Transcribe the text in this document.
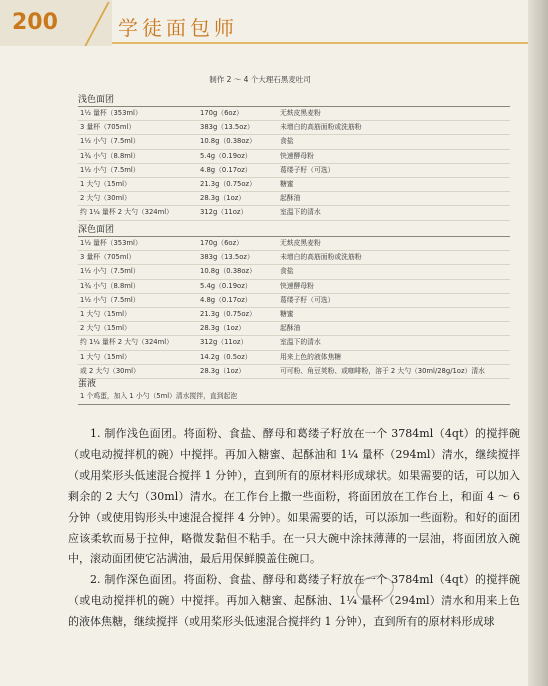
200	学徒面包师
制作 2 ～ 4 个大理石黑麦吐司
浅色面团
1½ 量杯（353ml）	170g（6oz）	无麸皮黑麦粉
3 量杯（705ml）	383g（13.5oz）	未增白的高筋面粉或洗筋粉
1½ 小勺（7.5ml）	10.8g（0.38oz）	食盐
1¾ 小勺（8.8ml）	5.4g（0.19oz）	快速酵母粉
1½ 小勺（7.5ml）	4.8g（0.17oz）	葛缕子籽（可选）
1 大勺（15ml）	21.3g（0.75oz）	糖蜜
2 大勺（30ml）	28.3g（1oz）	起酥油
约 1¼ 量杯 2 大勺（324ml）	312g（11oz）	室温下的清水
深色面团
1½ 量杯（353ml）	170g（6oz）	无麸皮黑麦粉
3 量杯（705ml）	383g（13.5oz）	未增白的高筋面粉或洗筋粉
1½ 小勺（7.5ml）	10.8g（0.38oz）	食盐
1¾ 小勺（8.8ml）	5.4g（0.19oz）	快速酵母粉
1½ 小勺（7.5ml）	4.8g（0.17oz）	葛缕子籽（可选）
1 大勺（15ml）	21.3g（0.75oz）	糖蜜
2 大勺（15ml）	28.3g（1oz）	起酥油
约 1¼ 量杯 2 大勺（324ml）	312g（11oz）	室温下的清水
1 大勺（15ml）	14.2g（0.5oz）	用来上色的液体焦糖
或 2 大勺（30ml）	28.3g（1oz）	可可粉、角豆荚粉、或咖啡粉，溶于 2 大勺（30ml/28g/1oz）清水
蛋液
1 个鸡蛋，加入 1 小勺（5ml）清水搅拌，直到起泡

1. 制作浅色面团。将面粉、食盐、酵母和葛缕子籽放在一个 3784ml（4qt）的搅拌碗（或电动搅拌机的碗）中搅拌。再加入糖蜜、起酥油和 1¼ 量杯（294ml）清水，继续搅拌（或用桨形头低速混合搅拌 1 分钟），直到所有的原材料形成球状。如果需要的话，可以加入剩余的 2 大勺（30ml）清水。在工作台上撒一些面粉，将面团放在工作台上，和面 4 ～ 6 分钟（或使用钩形头中速混合搅拌 4 分钟）。如果需要的话，可以添加一些面粉。和好的面团应该柔软而易于拉伸，略微发黏但不粘手。在一只大碗中涂抹薄薄的一层油，将面团放入碗中，滚动面团使它沾满油，最后用保鲜膜盖住碗口。

2. 制作深色面团。将面粉、食盐、酵母和葛缕子籽放在一个 3784ml（4qt）的搅拌碗（或电动搅拌机的碗）中搅拌。再加入糖蜜、起酥油、1¼ 量杯（294ml）清水和用来上色的液体焦糖，继续搅拌（或用桨形头低速混合搅拌约 1 分钟），直到所有的原材料形成球
